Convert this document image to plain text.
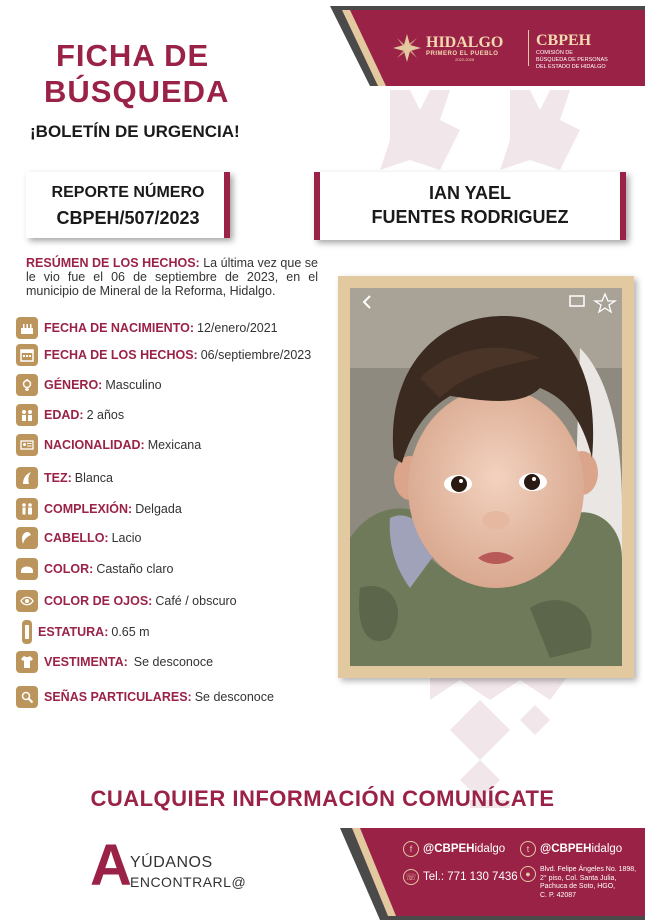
HIDALGO
PRIMERO EL PUEBLO
2022-2028
CBPEH
COMISIÓN DE
BÚSQUEDA DE PERSONAS
DEL ESTADO DE HIDALGO
FICHA DE
BÚSQUEDA
¡BOLETÍN DE URGENCIA!
REPORTE NÚMERO
CBPEH/507/2023
IAN YAEL
FUENTES RODRIGUEZ
RESÚMEN DE LOS HECHOS: La última vez que se le vio fue el 06 de septiembre de 2023, en el municipio de Mineral de la Reforma, Hidalgo.
FECHA DE NACIMIENTO: 12/enero/2021
FECHA DE LOS HECHOS: 06/septiembre/2023
GÉNERO: Masculino
EDAD: 2 años
NACIONALIDAD: Mexicana
TEZ: Blanca
COMPLEXIÓN: Delgada
CABELLO: Lacio
COLOR: Castaño claro
COLOR DE OJOS: Café / obscuro
ESTATURA: 0.65 m
VESTIMENTA: Se desconoce
SEÑAS PARTICULARES: Se desconoce
CUALQUIER INFORMACIÓN COMUNÍCATE
A
YÚDANOS
ENCONTRARL@
f @CBPEH idalgo	t @CBPEH idalgo
☏ Tel.: 771 130 7436 ●	Blvd. Felipe Ángeles No. 1898,
2° piso, Col. Santa Julia,
Pachuca de Soto, HGO,
C. P. 42087
